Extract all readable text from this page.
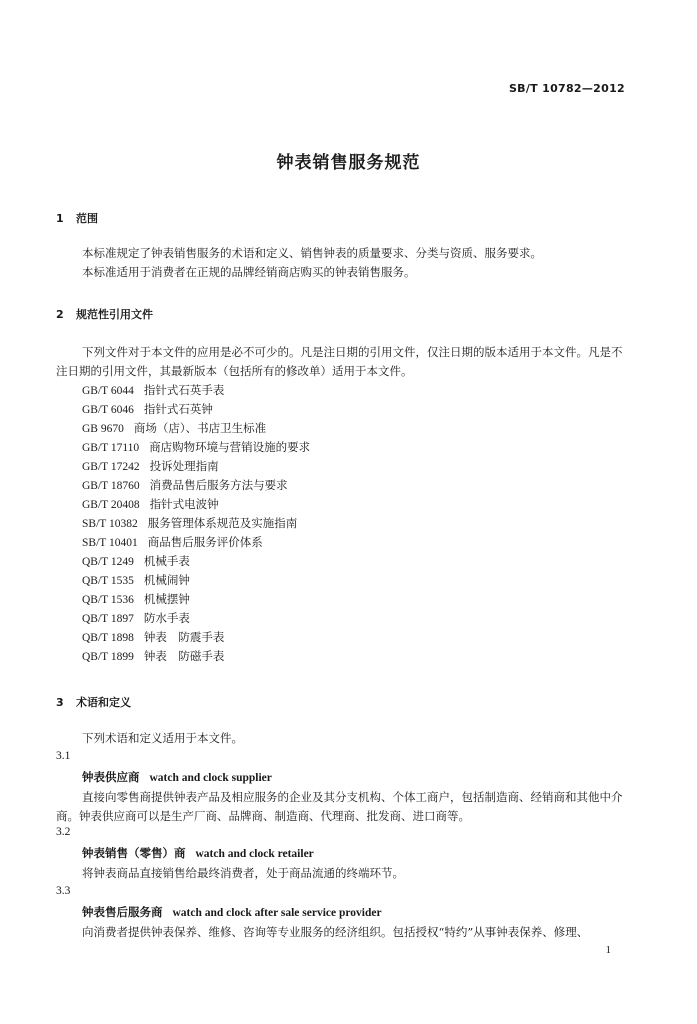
SB/T 10782—2012
钟表销售服务规范
1 范围
本标准规定了钟表销售服务的术语和定义、销售钟表的质量要求、分类与资质、服务要求。
本标准适用于消费者在正规的品牌经销商店购买的钟表销售服务。
2 规范性引用文件
下列文件对于本文件的应用是必不可少的。凡是注日期的引用文件，仅注日期的版本适用于本文件。凡是不注日期的引用文件，其最新版本（包括所有的修改单）适用于本文件。
GB/T 6044 指针式石英手表
GB/T 6046 指针式石英钟
GB 9670 商场（店）、书店卫生标准
GB/T 17110 商店购物环境与营销设施的要求
GB/T 17242 投诉处理指南
GB/T 18760 消费品售后服务方法与要求
GB/T 20408 指针式电波钟
SB/T 10382 服务管理体系规范及实施指南
SB/T 10401 商品售后服务评价体系
QB/T 1249 机械手表
QB/T 1535 机械闹钟
QB/T 1536 机械摆钟
QB/T 1897 防水手表
QB/T 1898 钟表　防震手表
QB/T 1899 钟表　防磁手表
3 术语和定义
下列术语和定义适用于本文件。
3.1
钟表供应商 watch and clock supplier
直接向零售商提供钟表产品及相应服务的企业及其分支机构、个体工商户，包括制造商、经销商和其他中介商。钟表供应商可以是生产厂商、品牌商、制造商、代理商、批发商、进口商等。
3.2
钟表销售（零售）商 watch and clock retailer
将钟表商品直接销售给最终消费者，处于商品流通的终端环节。
3.3
钟表售后服务商 watch and clock after sale service provider
向消费者提供钟表保养、维修、咨询等专业服务的经济组织。包括授权“特约”从事钟表保养、修理、
1
